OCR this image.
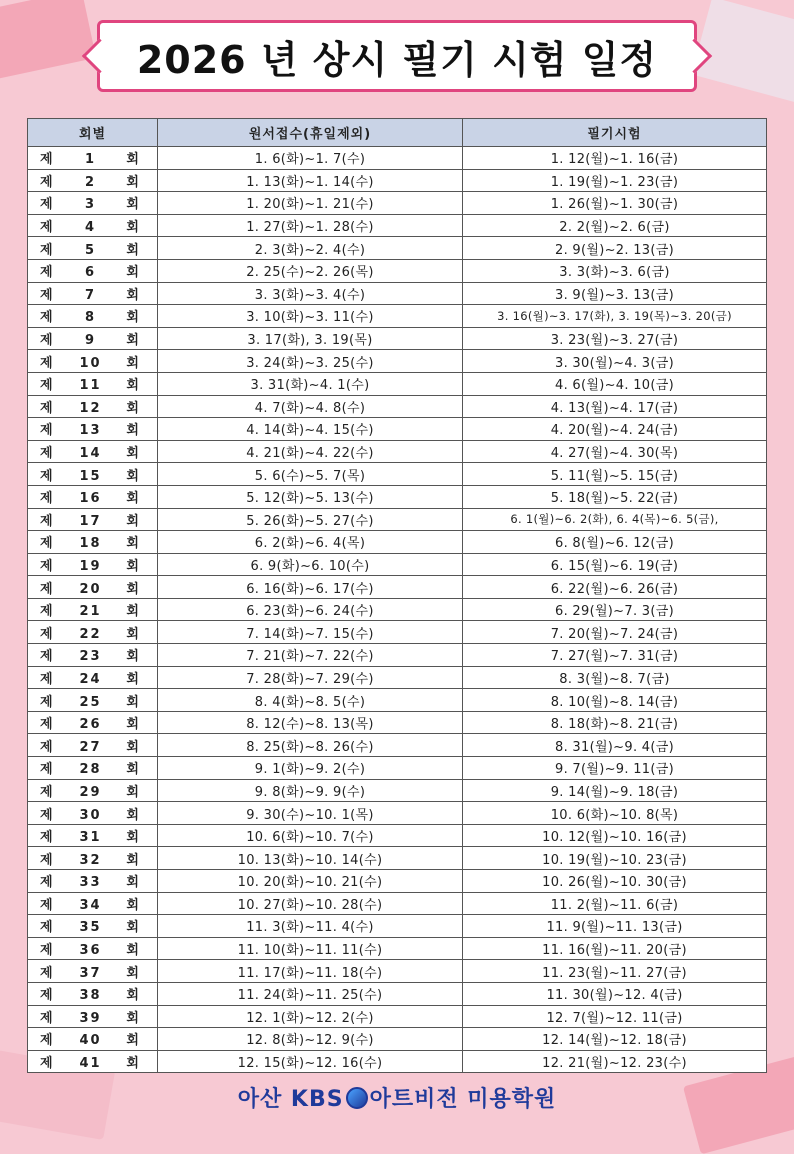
2026 년 상시 필기 시험 일정
회별	원서접수(휴일제외)	필기시험
제 1 회	1. 6(화)~1. 7(수)	1. 12(월)~1. 16(금)
제 2 회	1. 13(화)~1. 14(수)	1. 19(월)~1. 23(금)
제 3 회	1. 20(화)~1. 21(수)	1. 26(월)~1. 30(금)
제 4 회	1. 27(화)~1. 28(수)	2. 2(월)~2. 6(금)
제 5 회	2. 3(화)~2. 4(수)	2. 9(월)~2. 13(금)
제 6 회	2. 25(수)~2. 26(목)	3. 3(화)~3. 6(금)
제 7 회	3. 3(화)~3. 4(수)	3. 9(월)~3. 13(금)
제 8 회	3. 10(화)~3. 11(수)	3. 16(월)~3. 17(화), 3. 19(목)~3. 20(금)
제 9 회	3. 17(화), 3. 19(목)	3. 23(월)~3. 27(금)
제 10 회	3. 24(화)~3. 25(수)	3. 30(월)~4. 3(금)
제 11 회	3. 31(화)~4. 1(수)	4. 6(월)~4. 10(금)
제 12 회	4. 7(화)~4. 8(수)	4. 13(월)~4. 17(금)
제 13 회	4. 14(화)~4. 15(수)	4. 20(월)~4. 24(금)
제 14 회	4. 21(화)~4. 22(수)	4. 27(월)~4. 30(목)
제 15 회	5. 6(수)~5. 7(목)	5. 11(월)~5. 15(금)
제 16 회	5. 12(화)~5. 13(수)	5. 18(월)~5. 22(금)
제 17 회	5. 26(화)~5. 27(수)	6. 1(월)~6. 2(화), 6. 4(목)~6. 5(금),
제 18 회	6. 2(화)~6. 4(목)	6. 8(월)~6. 12(금)
제 19 회	6. 9(화)~6. 10(수)	6. 15(월)~6. 19(금)
제 20 회	6. 16(화)~6. 17(수)	6. 22(월)~6. 26(금)
제 21 회	6. 23(화)~6. 24(수)	6. 29(월)~7. 3(금)
제 22 회	7. 14(화)~7. 15(수)	7. 20(월)~7. 24(금)
제 23 회	7. 21(화)~7. 22(수)	7. 27(월)~7. 31(금)
제 24 회	7. 28(화)~7. 29(수)	8. 3(월)~8. 7(금)
제 25 회	8. 4(화)~8. 5(수)	8. 10(월)~8. 14(금)
제 26 회	8. 12(수)~8. 13(목)	8. 18(화)~8. 21(금)
제 27 회	8. 25(화)~8. 26(수)	8. 31(월)~9. 4(금)
제 28 회	9. 1(화)~9. 2(수)	9. 7(월)~9. 11(금)
제 29 회	9. 8(화)~9. 9(수)	9. 14(월)~9. 18(금)
제 30 회	9. 30(수)~10. 1(목)	10. 6(화)~10. 8(목)
제 31 회	10. 6(화)~10. 7(수)	10. 12(월)~10. 16(금)
제 32 회	10. 13(화)~10. 14(수)	10. 19(월)~10. 23(금)
제 33 회	10. 20(화)~10. 21(수)	10. 26(월)~10. 30(금)
제 34 회	10. 27(화)~10. 28(수)	11. 2(월)~11. 6(금)
제 35 회	11. 3(화)~11. 4(수)	11. 9(월)~11. 13(금)
제 36 회	11. 10(화)~11. 11(수)	11. 16(월)~11. 20(금)
제 37 회	11. 17(화)~11. 18(수)	11. 23(월)~11. 27(금)
제 38 회	11. 24(화)~11. 25(수)	11. 30(월)~12. 4(금)
제 39 회	12. 1(화)~12. 2(수)	12. 7(월)~12. 11(금)
제 40 회	12. 8(화)~12. 9(수)	12. 14(월)~12. 18(금)
제 41 회	12. 15(화)~12. 16(수)	12. 21(월)~12. 23(수)
아산 KBS 아트비전 미용학원
